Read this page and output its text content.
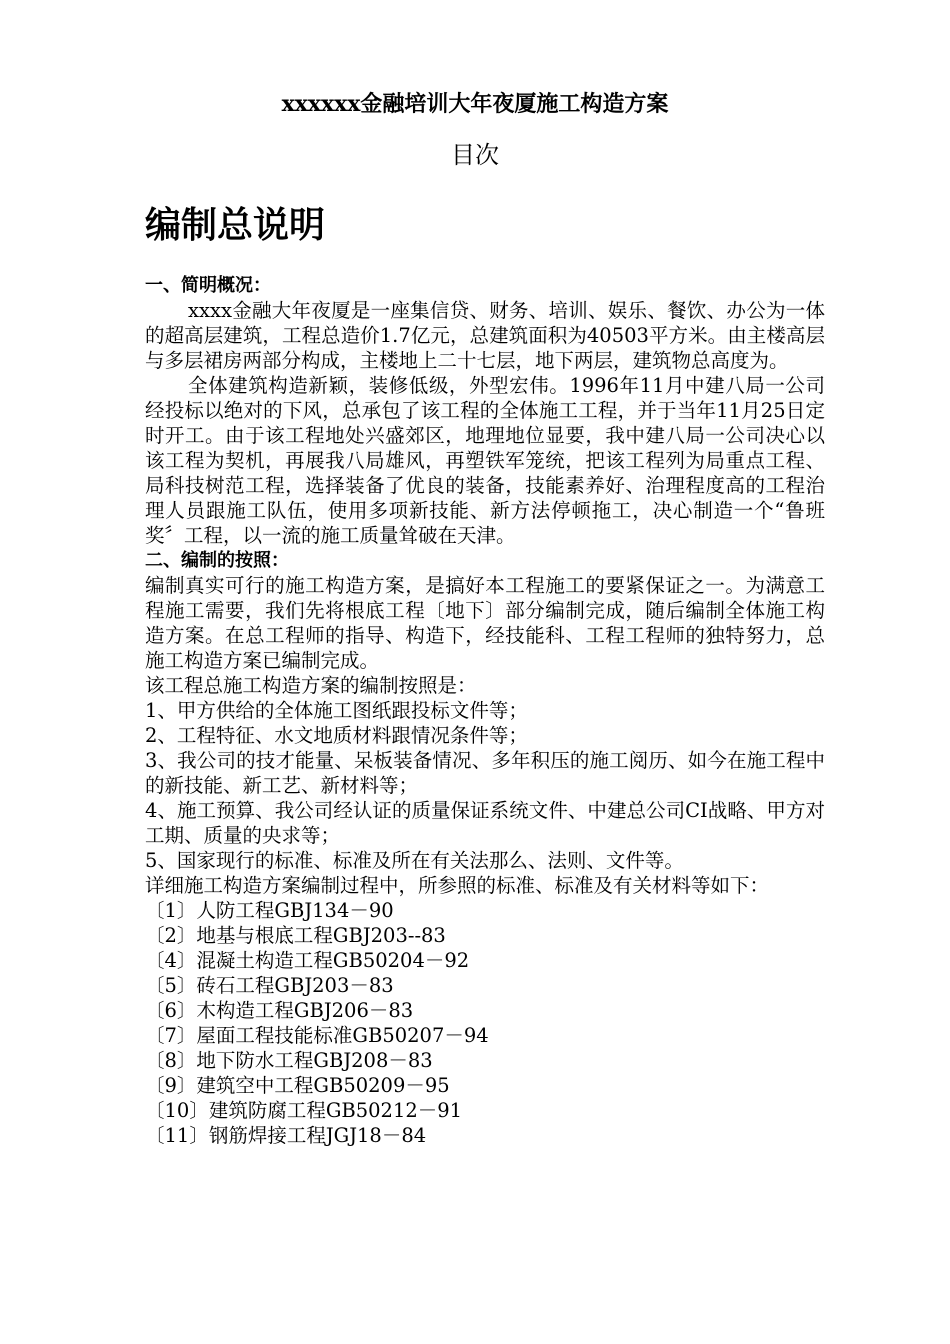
xxxxxx金融培训大年夜厦施工构造方案
目次
编制总说明

一、简明概况：

xxxx金融大年夜厦是一座集信贷、财务、培训、娱乐、餐饮、办公为一体的超高层建筑，工程总造价1.7亿元，总建筑面积为40503平方米。由主楼高层与多层裙房两部分构成，主楼地上二十七层，地下两层，建筑物总高度为。

全体建筑构造新颖，装修低级，外型宏伟。1996年11月中建八局一公司经投标以绝对的下风，总承包了该工程的全体施工工程，并于当年11月25日定时开工。由于该工程地处兴盛郊区，地理地位显要，我中建八局一公司决心以该工程为契机，再展我八局雄风，再塑铁军笼统，把该工程列为局重点工程、局科技树范工程，选择装备了优良的装备，技能素养好、治理程度高的工程治理人员跟施工队伍，使用多项新技能、新方法停顿拖工，决心制造一个“鲁班奖〞工程，以一流的施工质量耸破在天津。

二、编制的按照：

编制真实可行的施工构造方案，是搞好本工程施工的要紧保证之一。为满意工程施工需要，我们先将根底工程〔地下〕部分编制完成，随后编制全体施工构造方案。在总工程师的指导、构造下，经技能科、工程工程师的独特努力，总施工构造方案已编制完成。

该工程总施工构造方案的编制按照是：

1、甲方供给的全体施工图纸跟投标文件等；

2、工程特征、水文地质材料跟情况条件等；

3、我公司的技才能量、呆板装备情况、多年积压的施工阅历、如今在施工程中的新技能、新工艺、新材料等；

4、施工预算、我公司经认证的质量保证系统文件、中建总公司CI战略、甲方对工期、质量的央求等；

5、国家现行的标准、标准及所在有关法那么、法则、文件等。

详细施工构造方案编制过程中，所参照的标准、标准及有关材料等如下：

〔1〕人防工程GBJ134－90

〔2〕地基与根底工程GBJ203--83

〔4〕混凝土构造工程GB50204－92

〔5〕砖石工程GBJ203－83

〔6〕木构造工程GBJ206－83

〔7〕屋面工程技能标准GB50207－94

〔8〕地下防水工程GBJ208－83

〔9〕建筑空中工程GB50209－95

〔10〕建筑防腐工程GB50212－91

〔11〕钢筋焊接工程JGJ18－84
